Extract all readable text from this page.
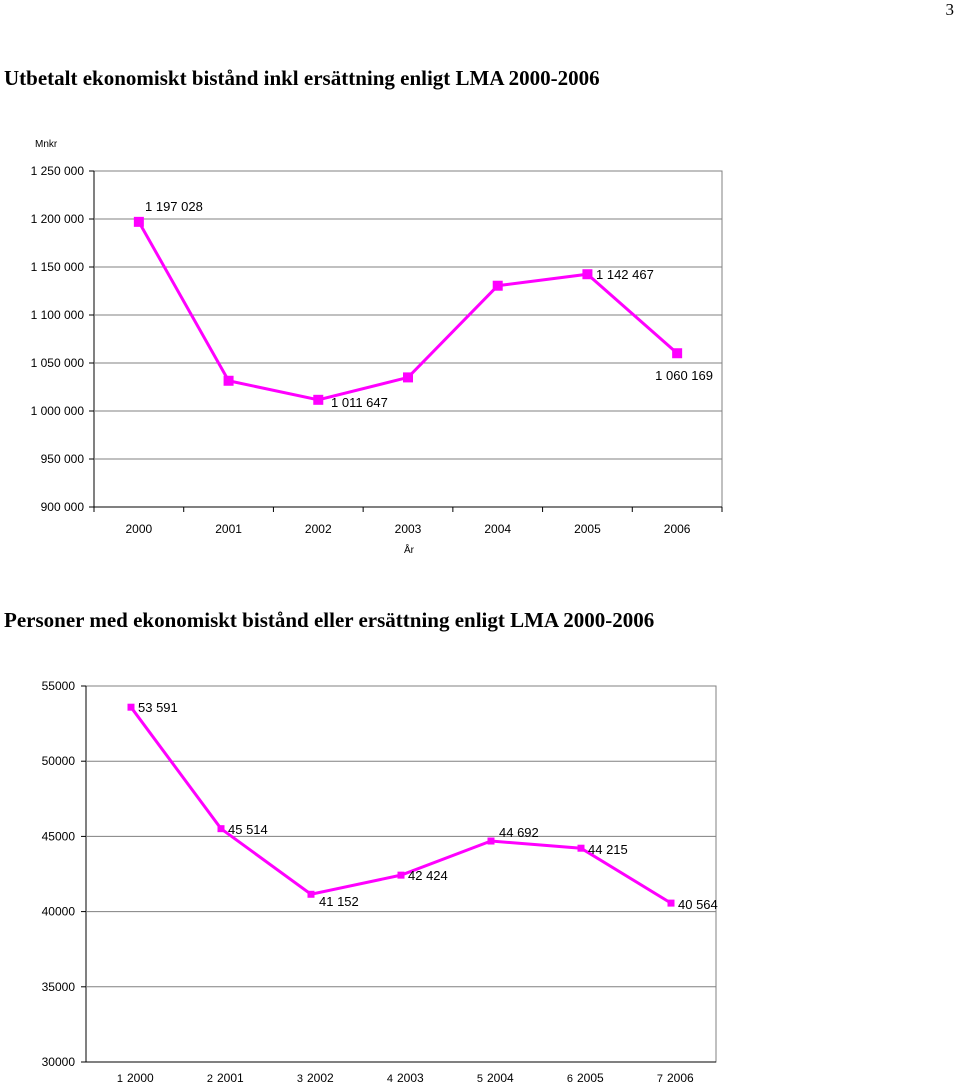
3
Utbetalt ekonomiskt bistånd inkl ersättning enligt LMA 2000-2006
Personer med ekonomiskt bistånd eller ersättning enligt LMA 2000-2006
900 000
950 000
1 000 000
1 050 000
1 100 000
1 150 000
1 200 000
1 250 000
2000	2001	2002	2003	2004	2005	2006
Mnkr
År
1 197 028
1 011 647
1 142 467
1 060 169
30000
35000
40000
45000
50000
55000
1 2000	2 2001	3 2002	4 2003	5 2004	6 2005	7 2006
53 591
45 514
41 152
42 424
44 692
44 215
40 564
